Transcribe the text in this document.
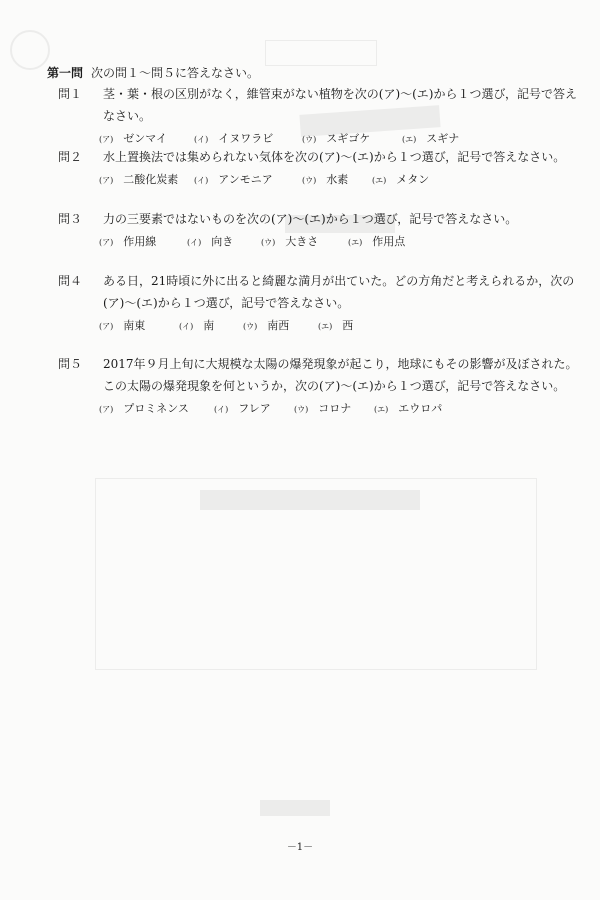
第一問 次の問１～問５に答えなさい。
問１	茎・葉・根の区別がなく，維管束がない植物を次の(ア)～(エ)から１つ選び，記号で答えなさい。
(ア) ゼンマイ	(イ) イヌワラビ	(ウ) スギゴケ	(エ) スギナ
問２	水上置換法では集められない気体を次の(ア)～(エ)から１つ選び，記号で答えなさい。
(ア) 二酸化炭素 (イ) アンモニア	(ウ) 水素	(エ) メタン
問３	力の三要素ではないものを次の(ア)～(エ)から１つ選び，記号で答えなさい。
(ア) 作用線	(イ) 向き	(ウ) 大きさ	(エ) 作用点
問４	ある日，21時頃に外に出ると綺麗な満月が出ていた。どの方角だと考えられるか，次の(ア)～(エ)から１つ選び，記号で答えなさい。
(ア) 南東	(イ) 南	(ウ) 南西	(エ) 西
問５	2017年９月上旬に大規模な太陽の爆発現象が起こり，地球にもその影響が及ぼされた。この太陽の爆発現象を何というか，次の(ア)～(エ)から１つ選び，記号で答えなさい。
(ア) プロミネンス	(イ) フレア	(ウ) コロナ	(エ) エウロパ
－1－
